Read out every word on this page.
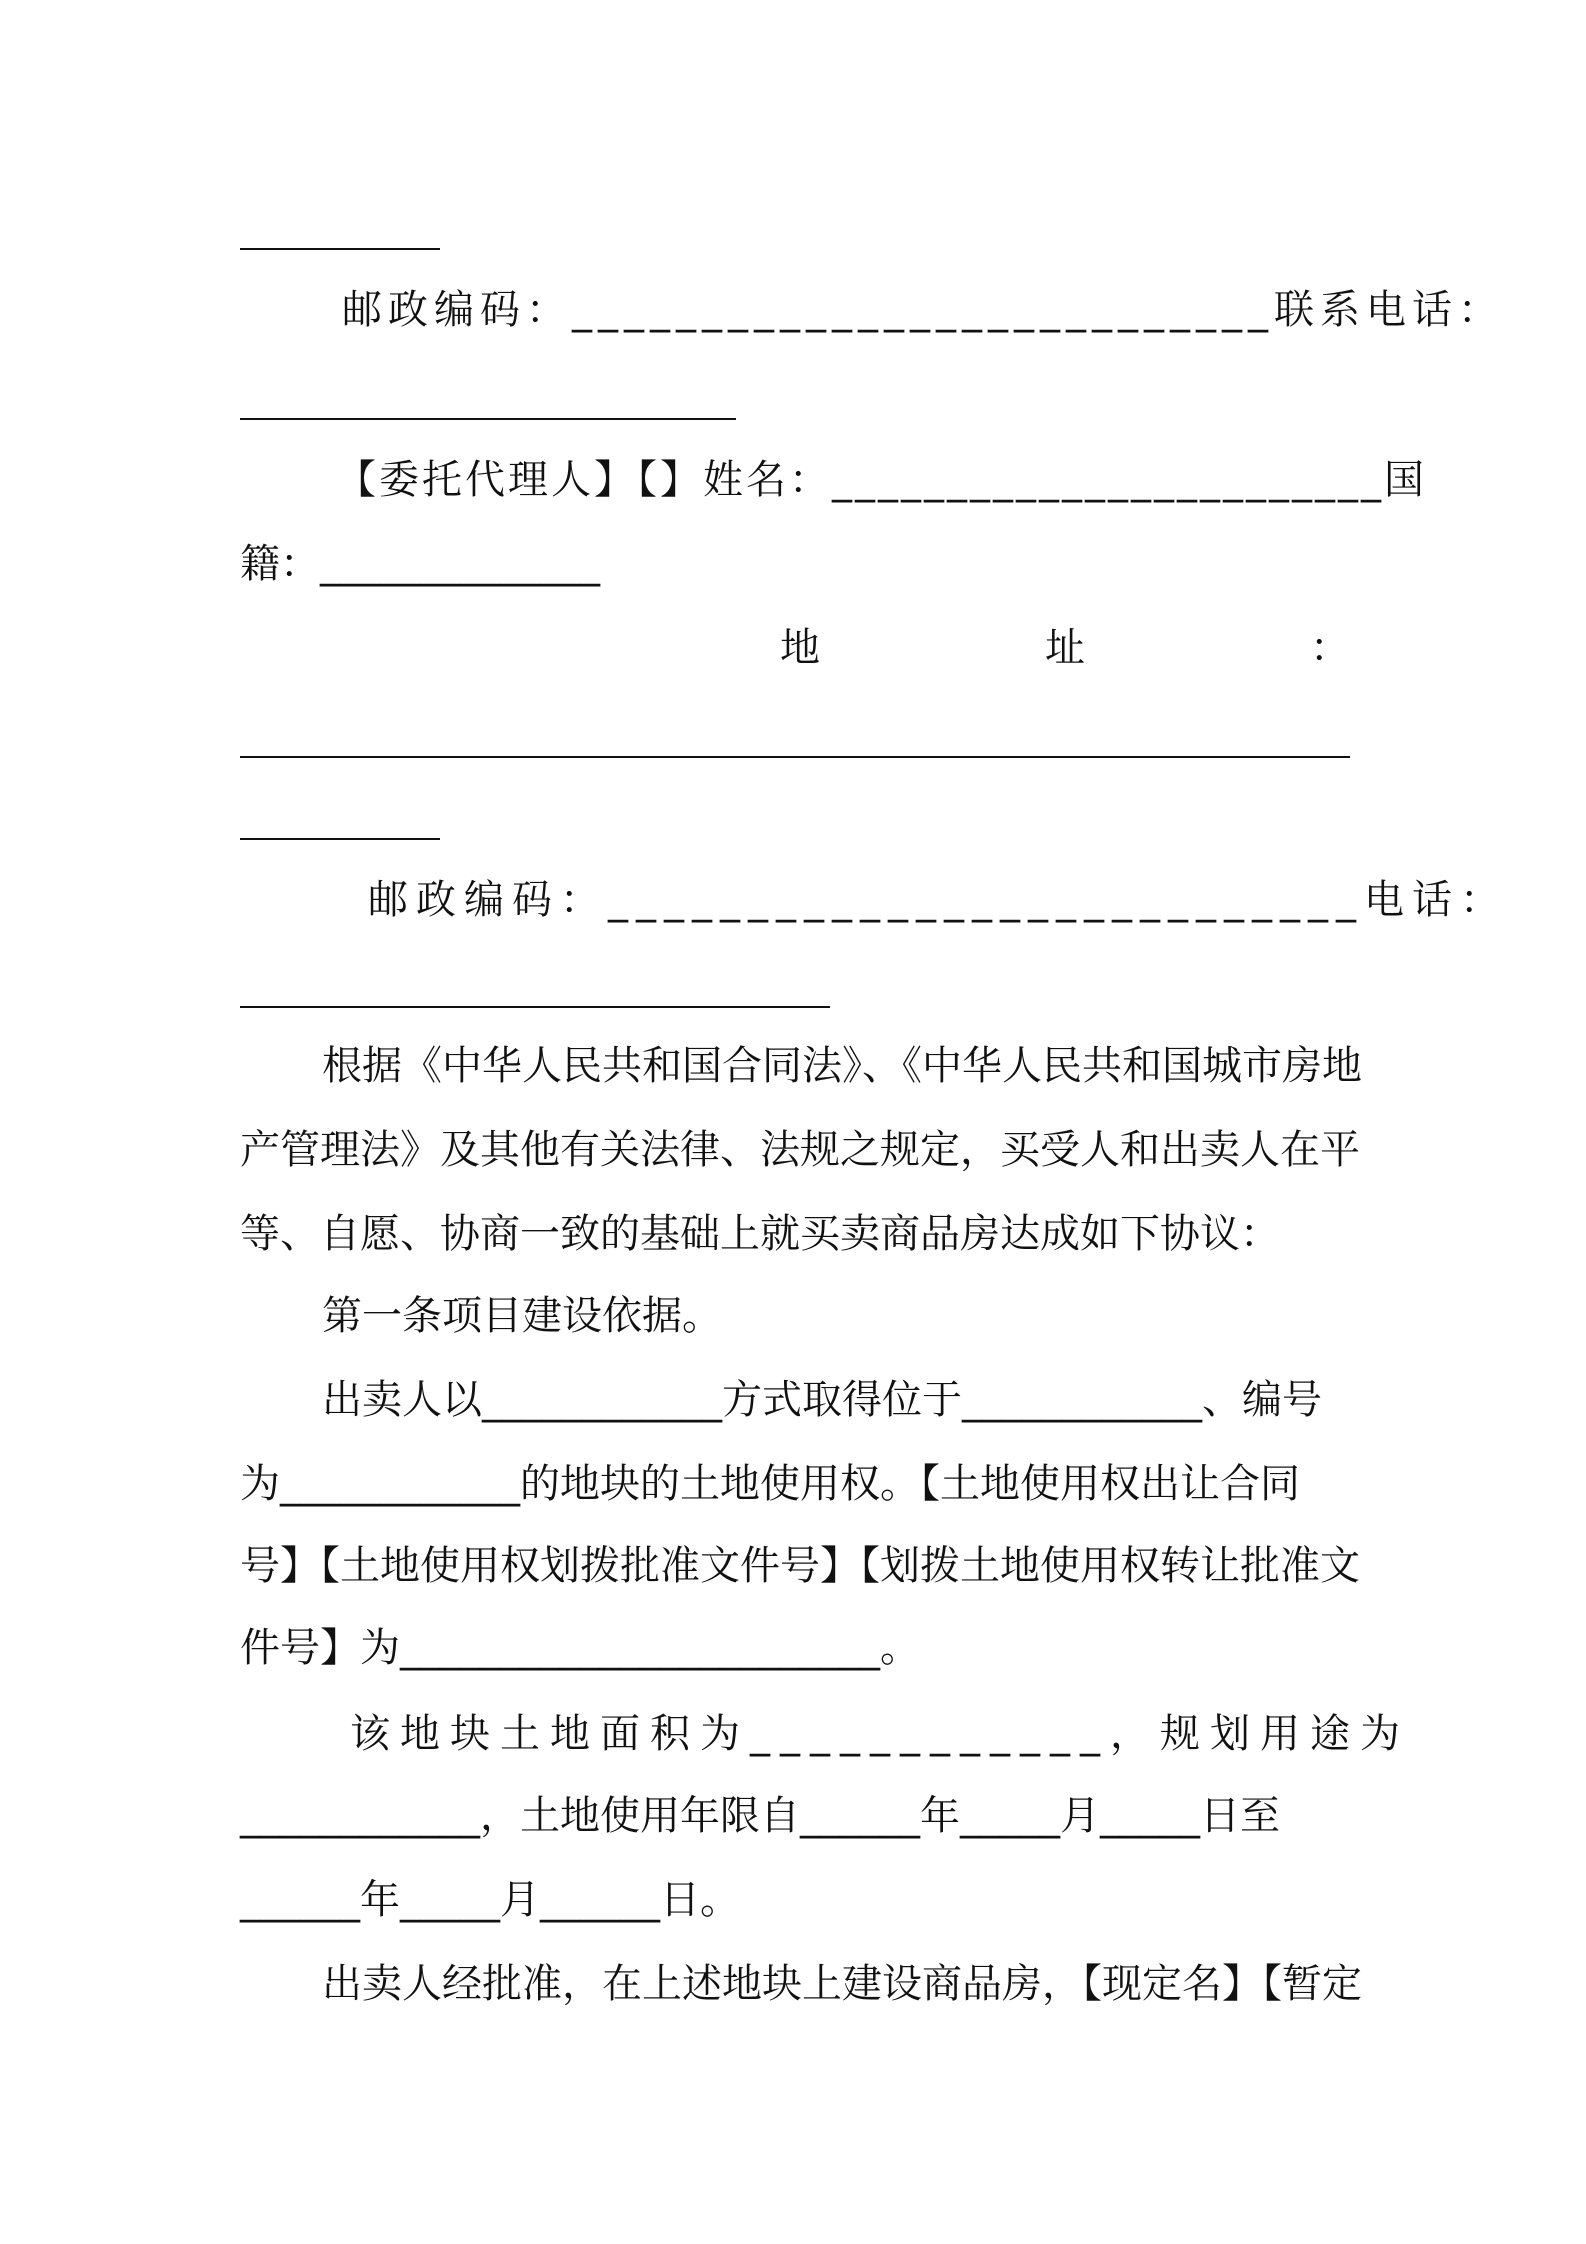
邮政编码：___________________________联系电话：
【委托代理人】【】姓名：________________________国
籍：______________
地	址	：
邮政编码：___________________________电话：
根据《中华人民共和国合同法》、《中华人民共和国城市房地
产管理法》及其他有关法律、法规之规定，买受人和出卖人在平
等、自愿、协商一致的基础上就买卖商品房达成如下协议：
第一条项目建设依据。
出卖人以____________方式取得位于____________、编号
为____________的地块的土地使用权。【土地使用权出让合同
号】【土地使用权划拨批准文件号】【划拨土地使用权转让批准文
件号】为________________________。
该地块土地面积为____________，规划用途为
____________，土地使用年限自______年_____月_____日至
______年_____月______日。
出卖人经批准，在上述地块上建设商品房，【现定名】【暂定
